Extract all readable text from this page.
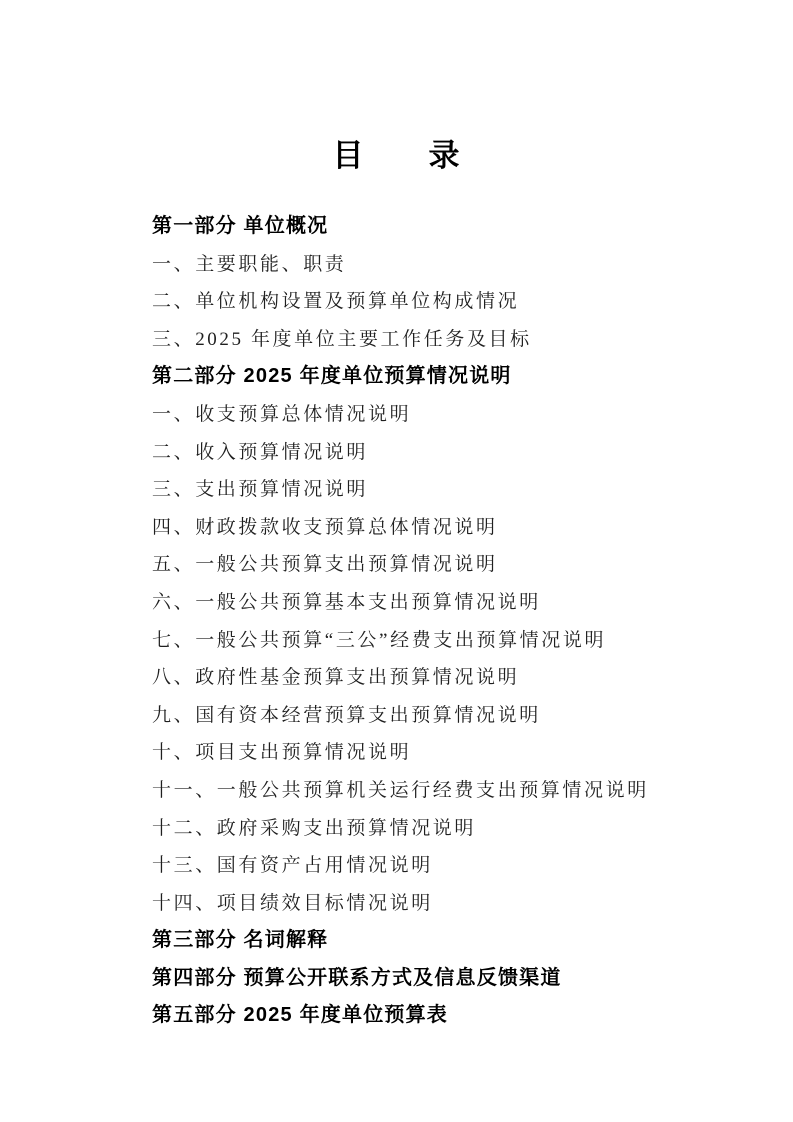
目　　录
第一部分 单位概况
一、主要职能、职责
二、单位机构设置及预算单位构成情况
三、2025 年度单位主要工作任务及目标
第二部分 2025 年度单位预算情况说明
一、收支预算总体情况说明
二、收入预算情况说明
三、支出预算情况说明
四、财政拨款收支预算总体情况说明
五、一般公共预算支出预算情况说明
六、一般公共预算基本支出预算情况说明
七、一般公共预算“三公”经费支出预算情况说明
八、政府性基金预算支出预算情况说明
九、国有资本经营预算支出预算情况说明
十、项目支出预算情况说明
十一、一般公共预算机关运行经费支出预算情况说明
十二、政府采购支出预算情况说明
十三、国有资产占用情况说明
十四、项目绩效目标情况说明
第三部分 名词解释
第四部分 预算公开联系方式及信息反馈渠道
第五部分 2025 年度单位预算表
